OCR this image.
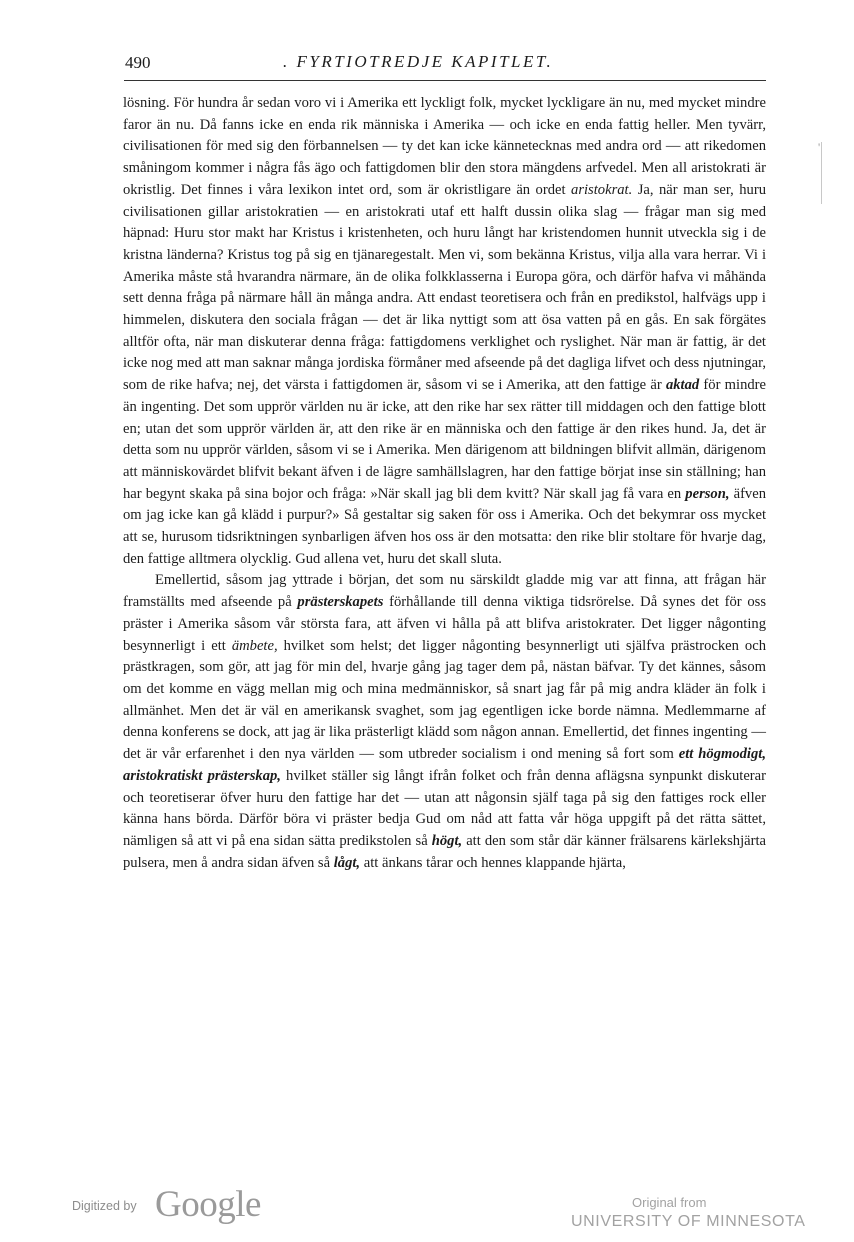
490	. FYRTIOTREDJE KAPITLET.
'

lösning. För hundra år sedan voro vi i Amerika ett lyckligt folk, mycket lyckligare än nu, med mycket mindre faror än nu. Då fanns icke en enda rik människa i Amerika — och icke en enda fattig heller. Men tyvärr, civilisationen för med sig den förbannelsen — ty det kan icke kännetecknas med andra ord — att rikedomen småningom kommer i några fås ägo och fattigdomen blir den stora mängdens arfvedel. Men all aristokrati är okristlig. Det finnes i våra lexikon intet ord, som är okristligare än ordet aristokrat. Ja, när man ser, huru civilisationen gillar aristokratien — en aristokrati utaf ett halft dussin olika slag — frågar man sig med häpnad: Huru stor makt har Kristus i kristenheten, och huru långt har kristendomen hunnit utveckla sig i de kristna länderna? Kristus tog på sig en tjänaregestalt. Men vi, som bekänna Kristus, vilja alla vara herrar. Vi i Amerika måste stå hvarandra närmare, än de olika folkklasserna i Europa göra, och därför hafva vi måhända sett denna fråga på närmare håll än många andra. Att endast teoretisera och från en predikstol, halfvägs upp i himmelen, diskutera den sociala frågan — det är lika nyttigt som att ösa vatten på en gås. En sak förgätes alltför ofta, när man diskuterar denna fråga: fattigdomens verklighet och ryslighet. När man är fattig, är det icke nog med att man saknar många jordiska förmåner med afseende på det dagliga lifvet och dess njutningar, som de rike hafva; nej, det värsta i fattigdomen är, såsom vi se i Amerika, att den fattige är aktad för mindre än ingenting. Det som upprör världen nu är icke, att den rike har sex rätter till middagen och den fattige blott en; utan det som upprör världen är, att den rike är en människa och den fattige är den rikes hund. Ja, det är detta som nu upprör världen, såsom vi se i Amerika. Men därigenom att bildningen blifvit allmän, därigenom att människovärdet blifvit bekant äfven i de lägre samhällslagren, har den fattige börjat inse sin ställning; han har begynt skaka på sina bojor och fråga: »När skall jag bli dem kvitt? När skall jag få vara en person, äfven om jag icke kan gå klädd i purpur?» Så gestaltar sig saken för oss i Amerika. Och det bekymrar oss mycket att se, hurusom tidsriktningen synbarligen äfven hos oss är den motsatta: den rike blir stoltare för hvarje dag, den fattige alltmera olycklig. Gud allena vet, huru det skall sluta.

Emellertid, såsom jag yttrade i början, det som nu särskildt gladde mig var att finna, att frågan här framställts med afseende på prästerskapets förhållande till denna viktiga tidsrörelse. Då synes det för oss präster i Amerika såsom vår största fara, att äfven vi hålla på att blifva aristokrater. Det ligger någonting besynnerligt i ett ämbete, hvilket som helst; det ligger någonting besynnerligt uti själfva prästrocken och prästkragen, som gör, att jag för min del, hvarje gång jag tager dem på, nästan bäfvar. Ty det kännes, såsom om det komme en vägg mellan mig och mina medmänniskor, så snart jag får på mig andra kläder än folk i allmänhet. Men det är väl en amerikansk svaghet, som jag egentligen icke borde nämna. Medlemmarne af denna konferens se dock, att jag är lika prästerligt klädd som någon annan. Emellertid, det finnes ingenting — det är vår erfarenhet i den nya världen — som utbreder socialism i ond mening så fort som ett högmodigt, aristokratiskt prästerskap, hvilket ställer sig långt ifrån folket och från denna aflägsna synpunkt diskuterar och teoretiserar öfver huru den fattige har det — utan att någonsin själf taga på sig den fattiges rock eller känna hans börda. Därför böra vi präster bedja Gud om nåd att fatta vår höga uppgift på det rätta sättet, nämligen så att vi på ena sidan sätta predikstolen så högt, att den som står där känner frälsarens kärlekshjärta pulsera, men å andra sidan äfven så lågt, att änkans tårar och hennes klappande hjärta,

Digitized by Google	Original from
UNIVERSITY OF MINNESOTA
